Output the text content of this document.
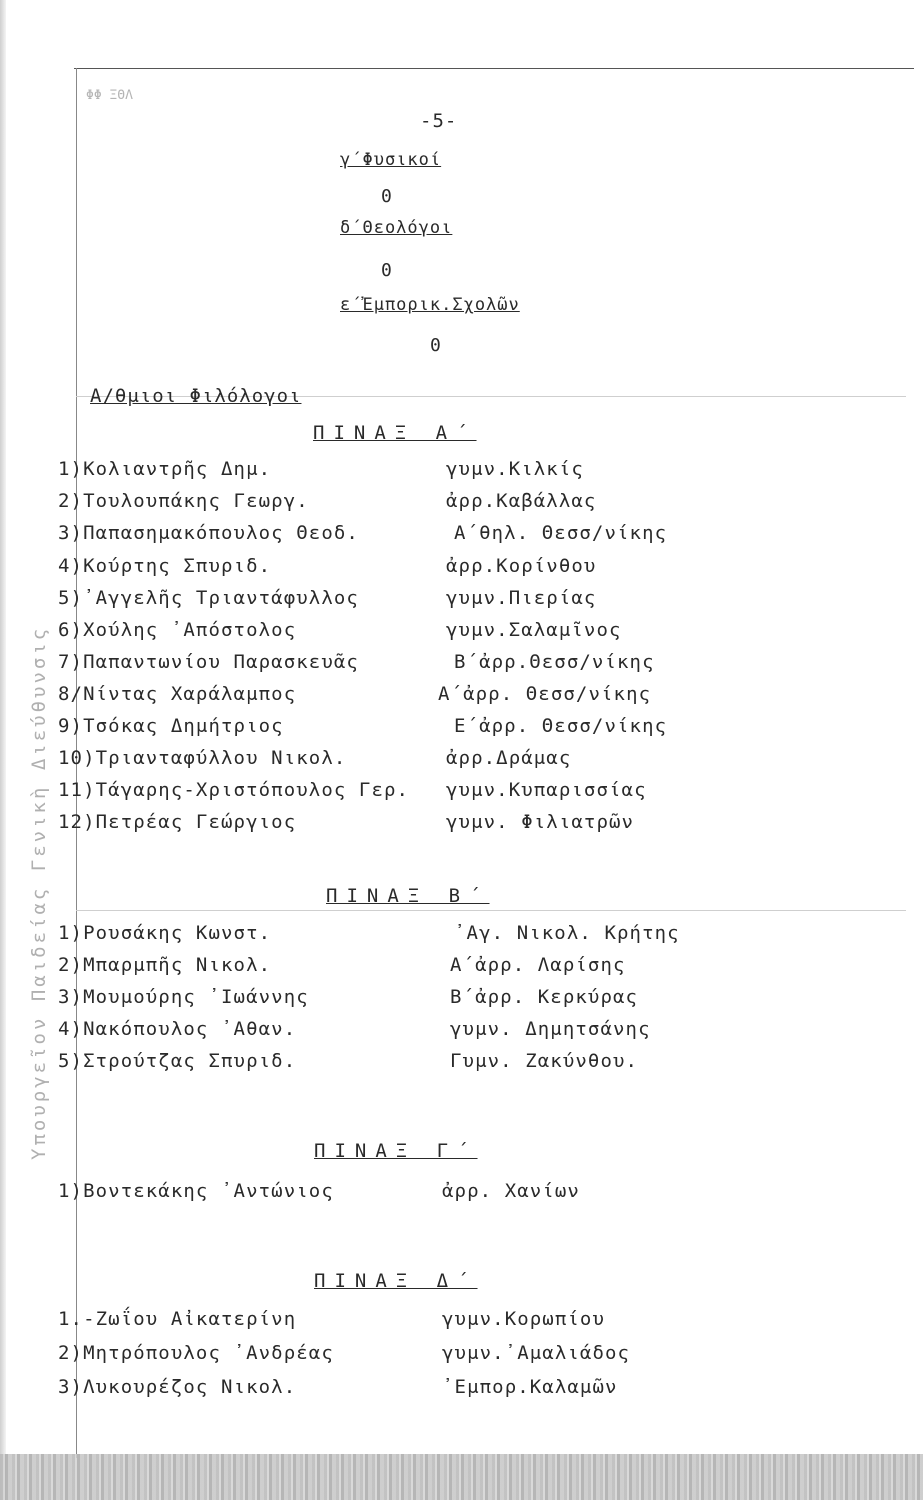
Ὑπουργεῖον Παιδείας Γενικὴ Διεύθυνσις
ΦΦ ΞΘΛ
-5-
γ΄Φυσικοί
0
δ΄Θεολόγοι
0
ε΄Ἐμπορικ.Σχολῶν
0
Α/θμιοι Φιλόλογοι
ΠΙΝΑΞ Α΄
1)Κολιαντρῆς Δημ.	γυμν.Κιλκίς
2)Τουλουπάκης Γεωργ.	ἀρρ.Καβάλλας
3)Παπασημακόπουλος Θεοδ.	Α΄θηλ. Θεσσ/νίκης
4)Κούρτης Σπυριδ.	ἀρρ.Κορίνθου
5)᾽Αγγελῆς Τριαντάφυλλος	γυμν.Πιερίας
6)Χούλης ᾽Απόστολος	γυμν.Σαλαμῖνος
7)Παπαντωνίου Παρασκευᾶς	Β΄ἀρρ.Θεσσ/νίκης
8/Νίντας Χαράλαμπος	Α΄ἀρρ. Θεσσ/νίκης
9)Τσόκας Δημήτριος	Ε΄ἀρρ. Θεσσ/νίκης
10)Τριανταφύλλου Νικολ.	ἀρρ.Δράμας
11)Τάγαρης-Χριστόπουλος Γερ. γυμν.Κυπαρισσίας
12)Πετρέας Γεώργιος	γυμν. Φιλιατρῶν
ΠΙΝΑΞ Β΄
1)Ρουσάκης Κωνστ.	᾽Αγ. Νικολ. Κρήτης
2)Μπαρμπῆς Νικολ.	Α΄ἀρρ. Λαρίσης
3)Μουμούρης ᾽Ιωάννης	Β΄ἀρρ. Κερκύρας
4)Νακόπουλος ᾽Αθαν.	γυμν. Δημητσάνης
5)Στρούτζας Σπυριδ.	Γυμν. Ζακύνθου.
ΠΙΝΑΞ Γ΄
1)Βοντεκάκης ᾽Αντώνιος	ἀρρ. Χανίων
ΠΙΝΑΞ Δ΄
1.-Ζωΐου Αἰκατερίνη	γυμν.Κορωπίου
2)Μητρόπουλος ᾽Ανδρέας	γυμν.᾽Αμαλιάδος
3)Λυκουρέζος Νικολ.	᾽Εμπορ.Καλαμῶν
